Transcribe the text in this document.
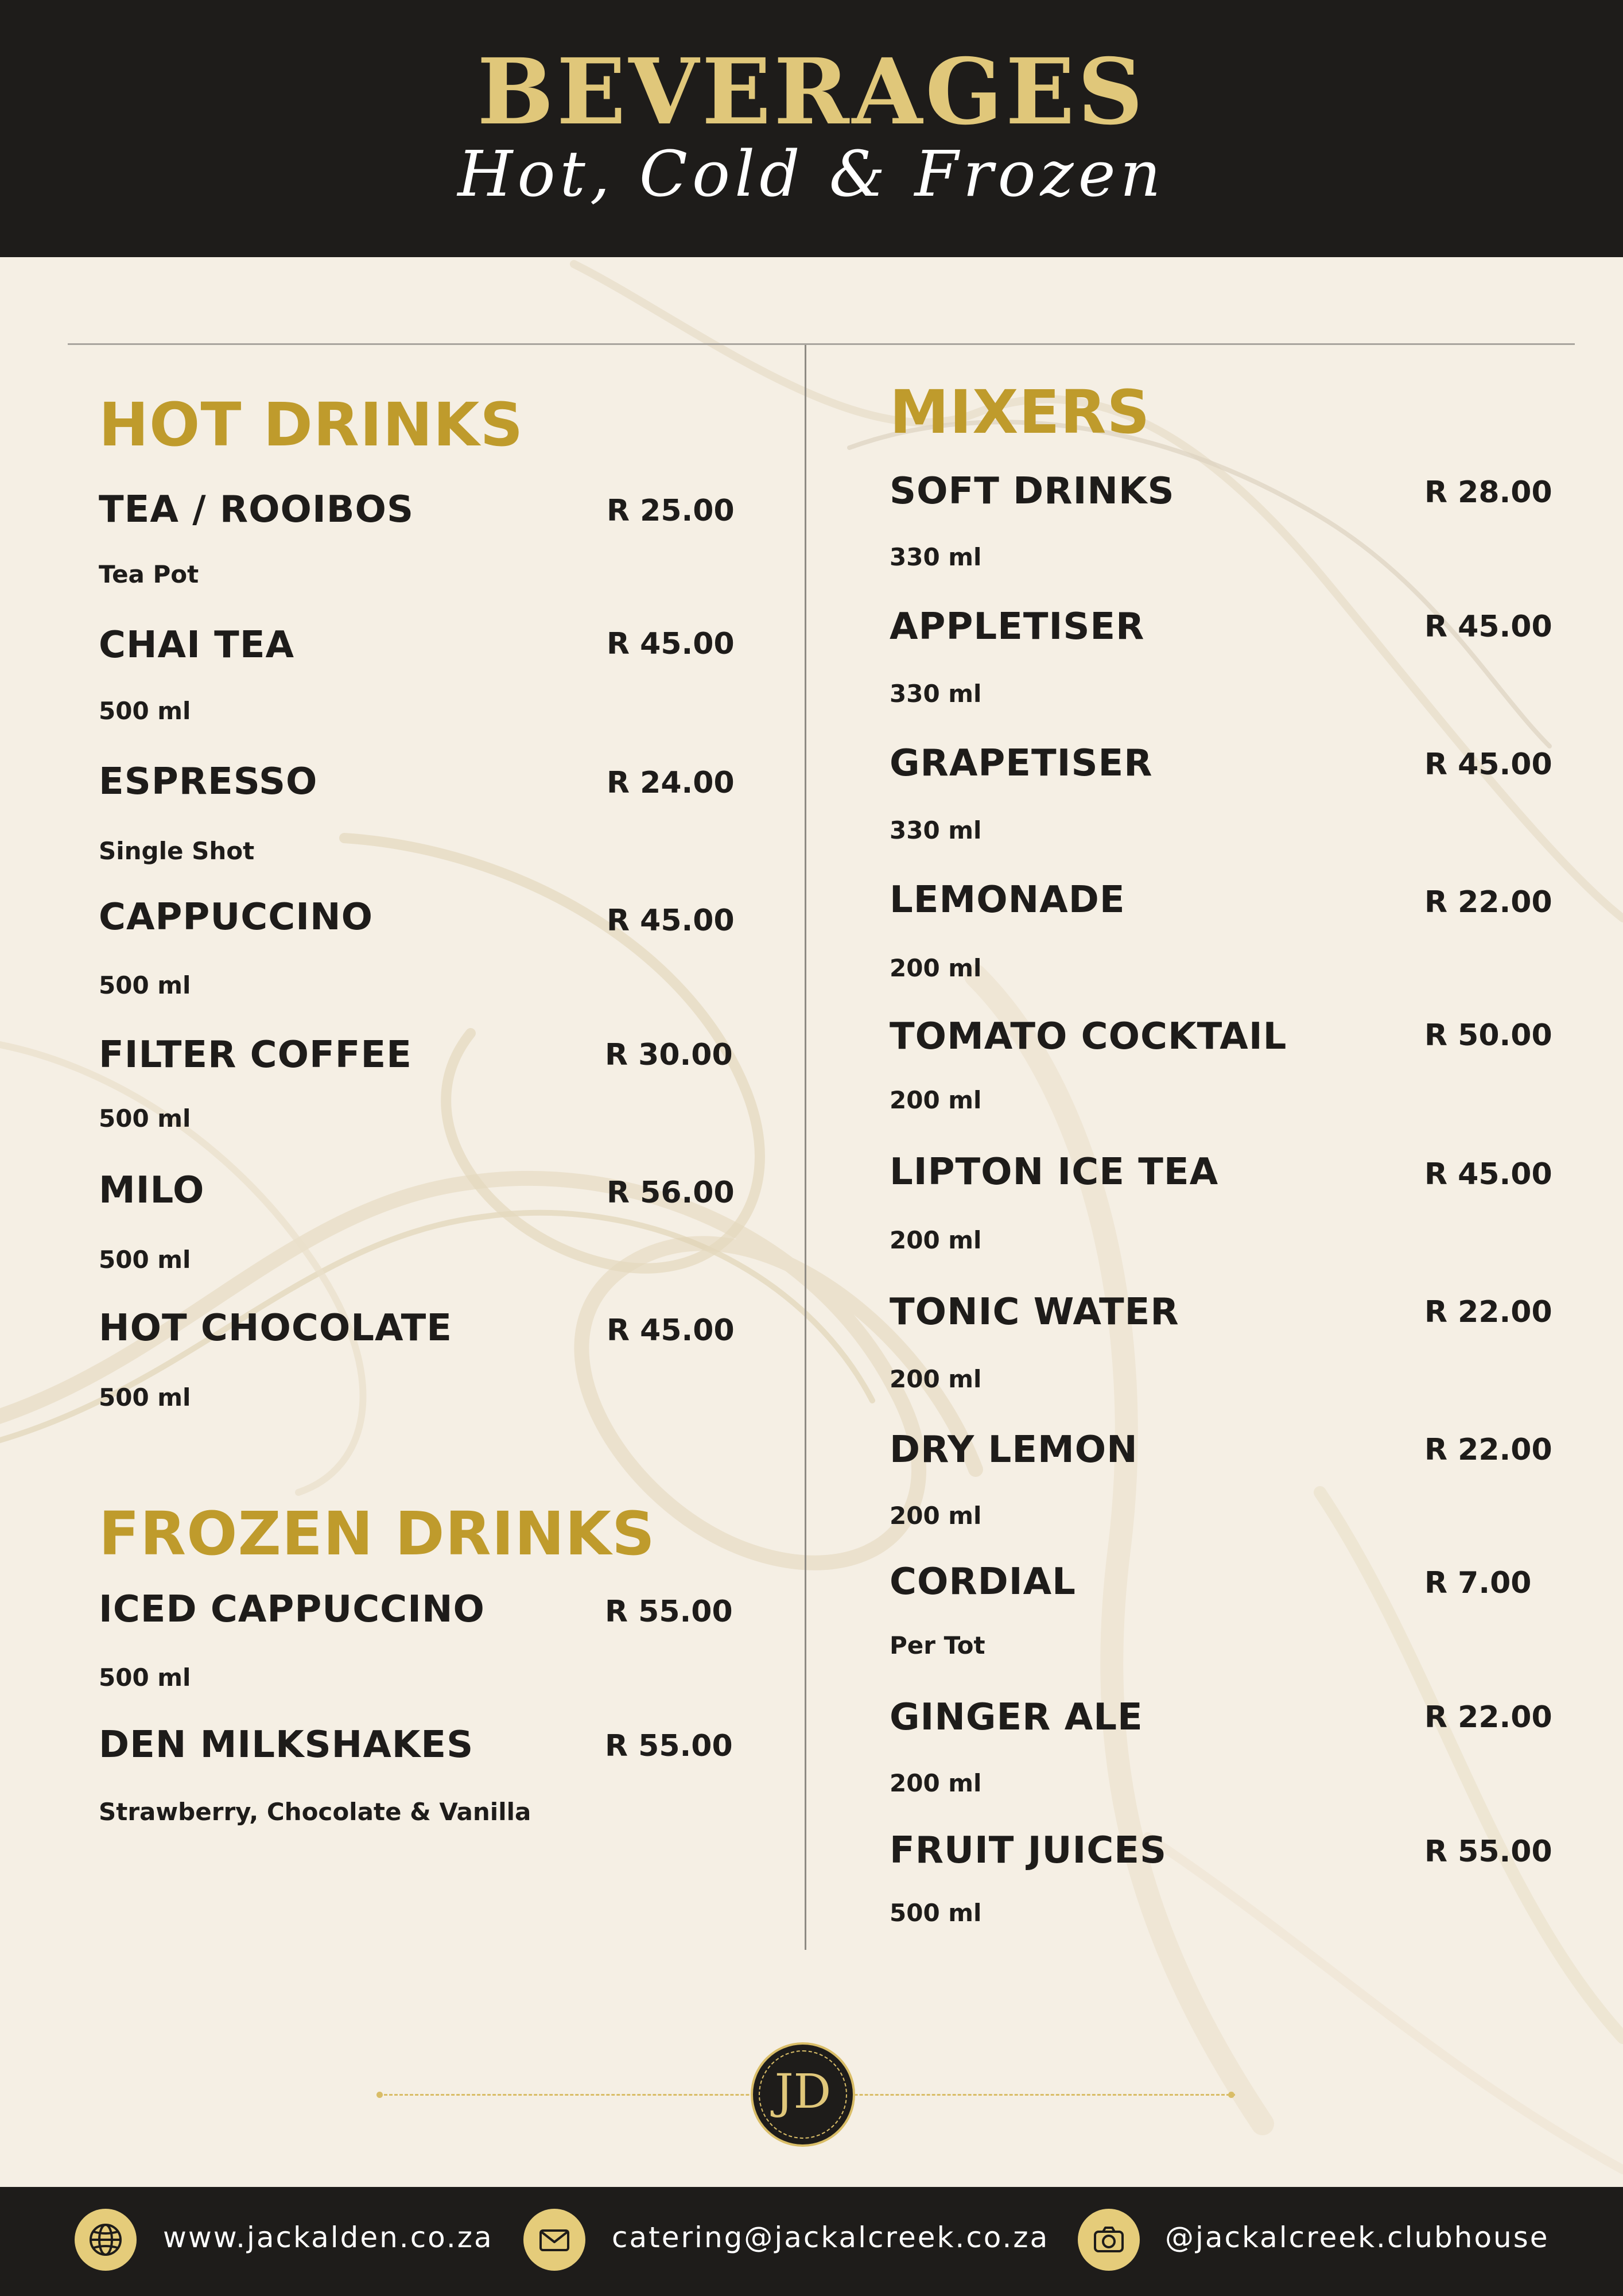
BEVERAGES
Hot, Cold & Frozen
HOT DRINKS
TEA / ROOIBOS	R 25.00
Tea Pot
CHAI TEA	R 45.00
500 ml
ESPRESSO	R 24.00
Single Shot
CAPPUCCINO	R 45.00
500 ml
FILTER COFFEE	R 30.00
500 ml
MILO	R 56.00
500 ml
HOT CHOCOLATE	R 45.00
500 ml
FROZEN DRINKS
ICED CAPPUCCINO	R 55.00
500 ml
DEN MILKSHAKES	R 55.00
Strawberry, Chocolate & Vanilla
MIXERS
SOFT DRINKS	R 28.00
330 ml
APPLETISER	R 45.00
330 ml
GRAPETISER	R 45.00
330 ml
LEMONADE	R 22.00
200 ml
TOMATO COCKTAIL	R 50.00
200 ml
LIPTON ICE TEA	R 45.00
200 ml
TONIC WATER	R 22.00
200 ml
DRY LEMON	R 22.00
200 ml
CORDIAL	R 7.00
Per Tot
GINGER ALE	R 22.00
200 ml
FRUIT JUICES	R 55.00
500 ml
JD
www.jackalden.co.za	catering@jackalcreek.co.za	@jackalcreek.clubhouse
